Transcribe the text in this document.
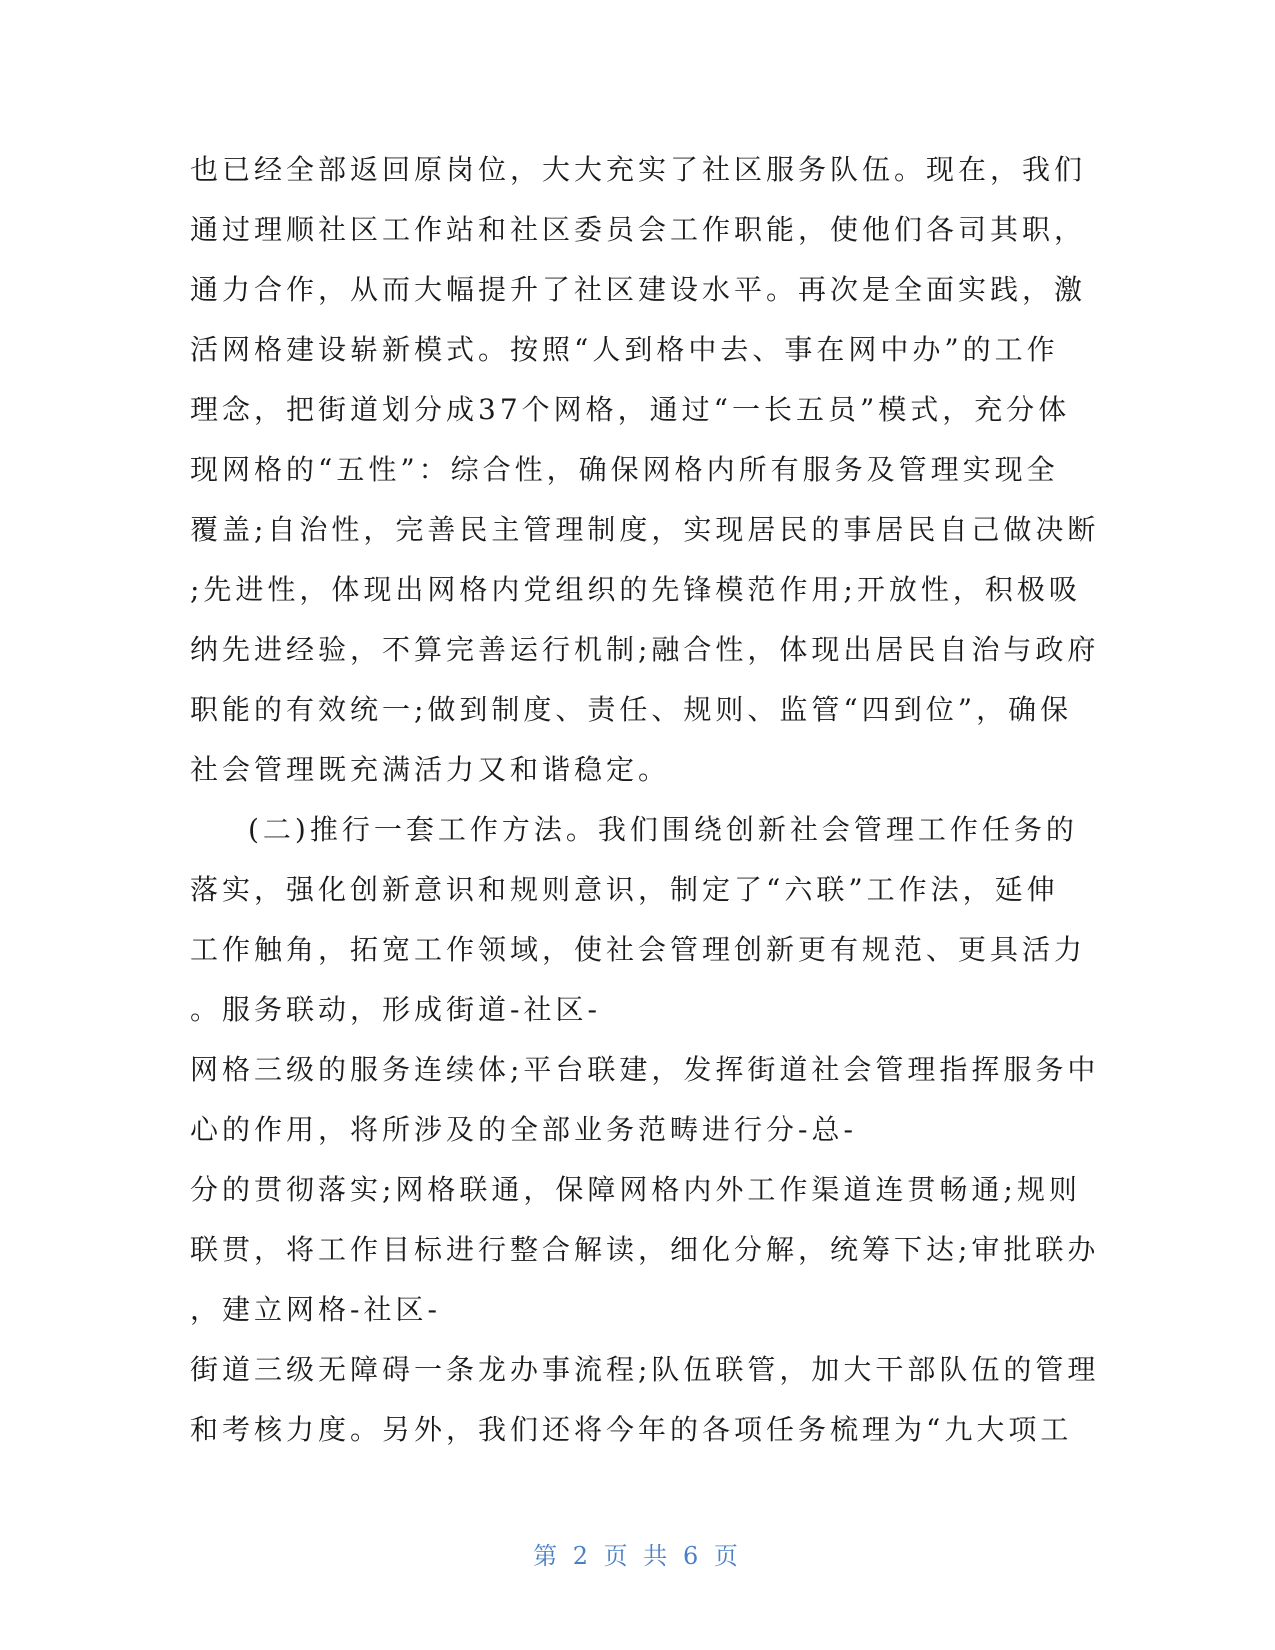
也已经全部返回原岗位，大大充实了社区服务队伍。现在，我们
通过理顺社区工作站和社区委员会工作职能，使他们各司其职，
通力合作，从而大幅提升了社区建设水平。再次是全面实践，激
活网格建设崭新模式。按照“人到格中去、事在网中办”的工作
理念，把街道划分成37个网格，通过“一长五员”模式，充分体
现网格的“五性”：综合性，确保网格内所有服务及管理实现全
覆盖;自治性，完善民主管理制度，实现居民的事居民自己做决断
;先进性，体现出网格内党组织的先锋模范作用;开放性，积极吸
纳先进经验，不算完善运行机制;融合性，体现出居民自治与政府
职能的有效统一;做到制度、责任、规则、监管“四到位”，确保
社会管理既充满活力又和谐稳定。
(二)推行一套工作方法。我们围绕创新社会管理工作任务的
落实，强化创新意识和规则意识，制定了“六联”工作法，延伸
工作触角，拓宽工作领域，使社会管理创新更有规范、更具活力
。服务联动，形成街道-社区-
网格三级的服务连续体;平台联建，发挥街道社会管理指挥服务中
心的作用，将所涉及的全部业务范畴进行分-总-
分的贯彻落实;网格联通，保障网格内外工作渠道连贯畅通;规则
联贯，将工作目标进行整合解读，细化分解，统筹下达;审批联办
，建立网格-社区-
街道三级无障碍一条龙办事流程;队伍联管，加大干部队伍的管理
和考核力度。另外，我们还将今年的各项任务梳理为“九大项工
第 2 页 共 6 页
